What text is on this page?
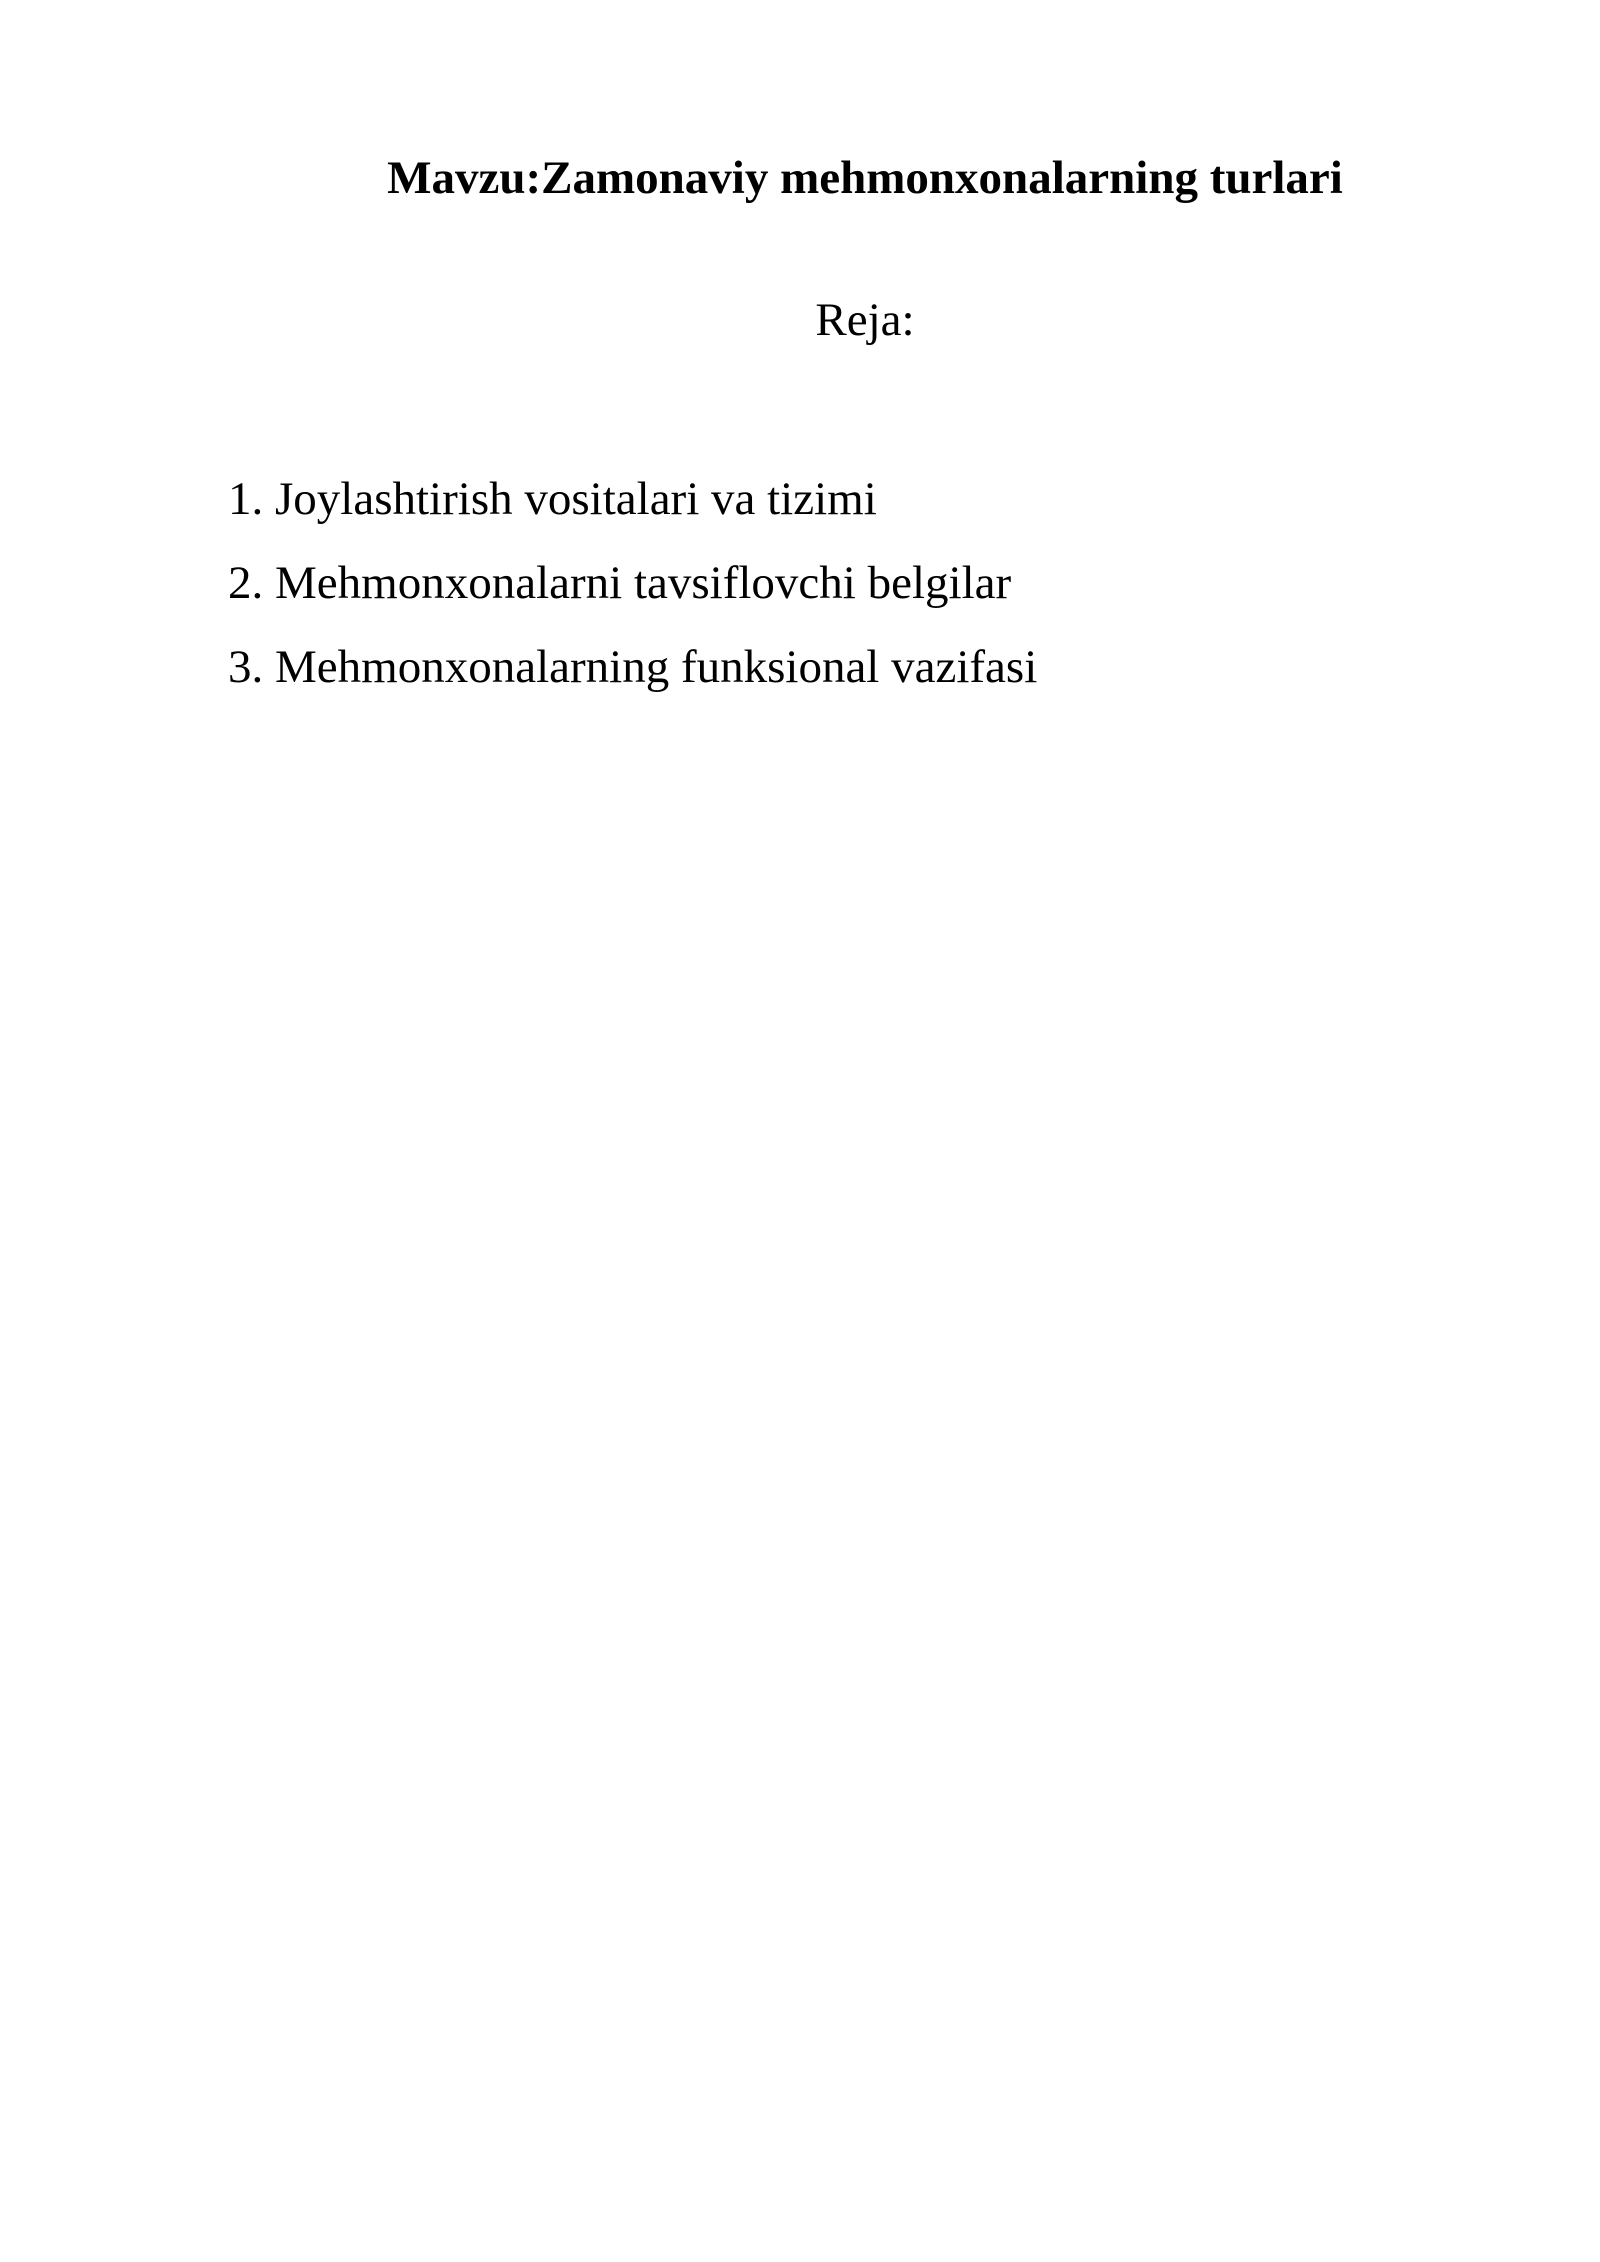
Mavzu:Zamonaviy mehmonxonalarning turlari

Reja:

1. Joylashtirish vositalari va tizimi
2. Mehmonxonalarni tavsiflovchi belgilar
3. Mehmonxonalarning funksional vazifasi
